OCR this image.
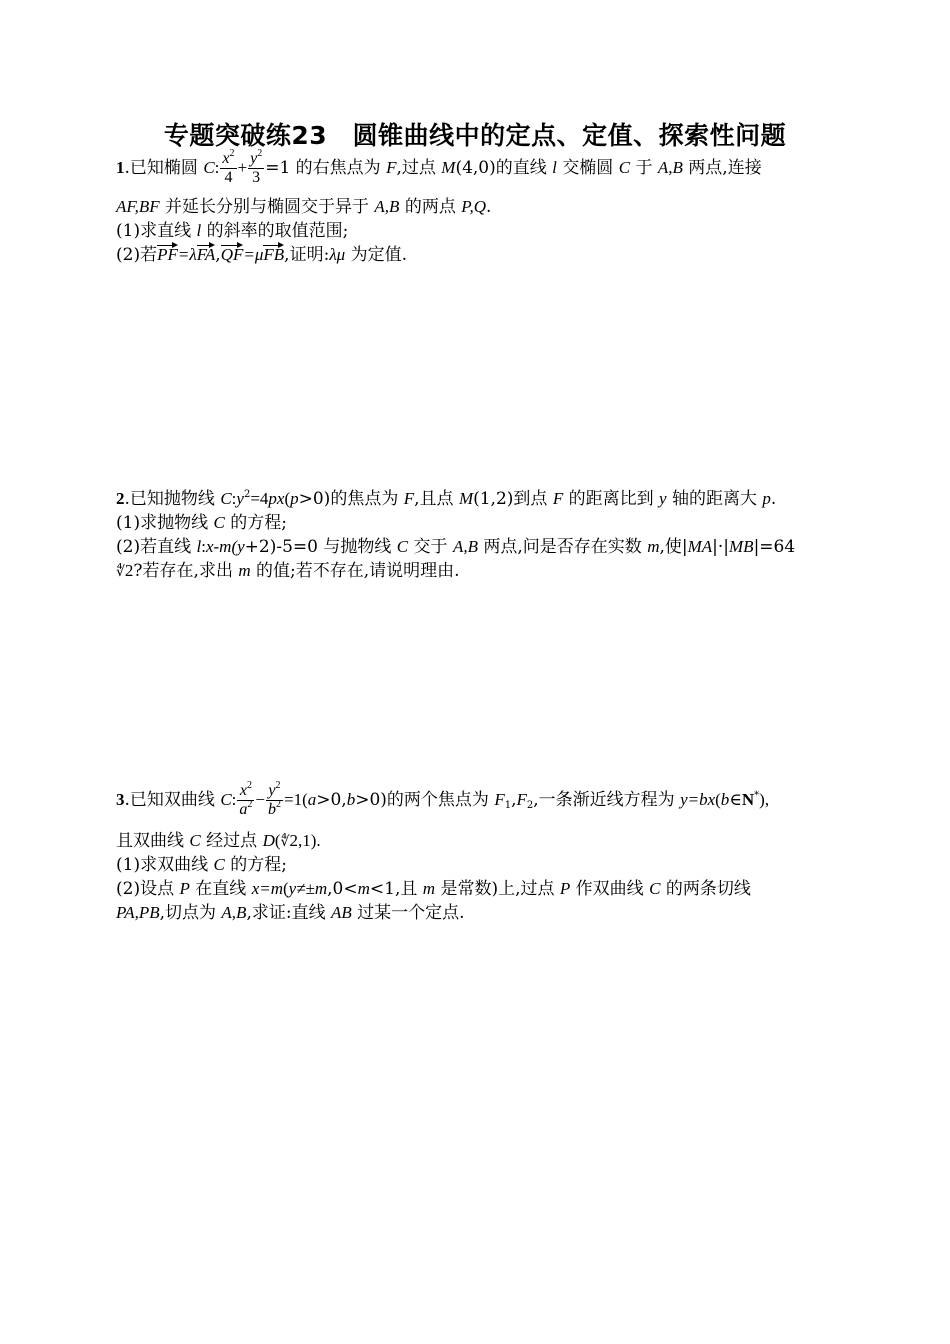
专题突破练23　圆锥曲线中的定点、定值、探索性问题
1.已知椭圆 C: $\frac{x^2}{4} + \frac{y^2}{3} =1$ 的右焦点为 F,过点 M(4,0)的直线 l 交椭圆 C 于 A,B 两点,连接
AF,BF 并延长分别与椭圆交于异于 A,B 的两点 P,Q.
(1)求直线 l 的斜率的取值范围;
(2)若PF=λFA,QF=μFB,证明:λμ 为定值.
2.已知抛物线 $C:y^2=4px(p>0)$的焦点为 F,且点 M(1,2)到点 F 的距离比到 y 轴的距离大 p.
(1)求抛物线 C 的方程;
(2)若直线 l:x-m(y+2)-5=0 与抛物线 C 交于 A,B 两点,问是否存在实数 m,使|MA|·|MB|=64
∜2?若存在,求出 m 的值;若不存在,请说明理由.
3.已知双曲线 C: $\frac{x^2}{a^2} - \frac{y^2}{b^2} =1(a>0,b>0)$的两个焦点为 $F_1,F_2$,一条渐近线方程为 y=bx(b∈N*),
且双曲线 C 经过点 D(∜2,1).
(1)求双曲线 C 的方程;
(2)设点 P 在直线 x=m(y≠±m,0<m<1,且 m 是常数)上,过点 P 作双曲线 C 的两条切线
PA,PB,切点为 A,B,求证:直线 AB 过某一个定点.
